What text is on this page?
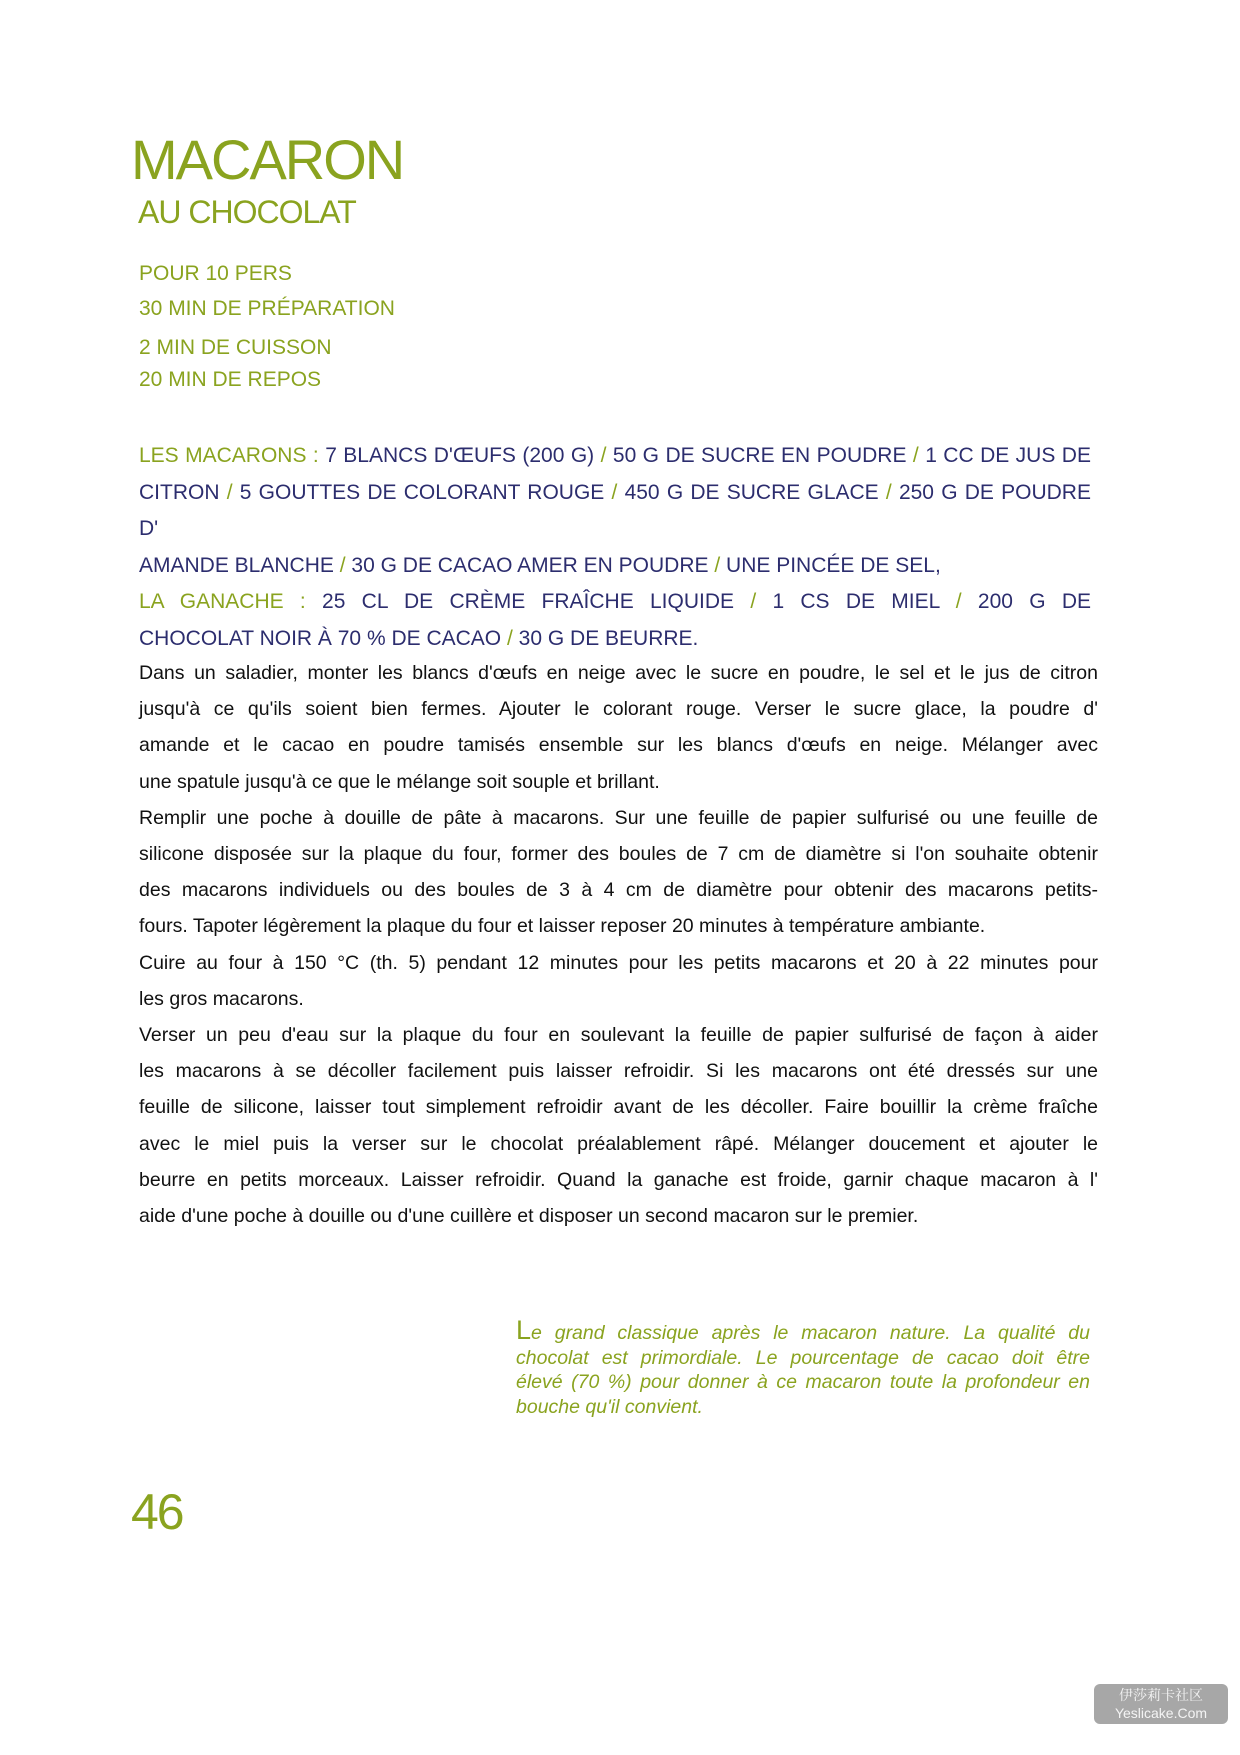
MACARON
AU CHOCOLAT
POUR 10 PERS
30 MIN DE PRÉPARATION
2 MIN DE CUISSON
20 MIN DE REPOS
LES MACARONS : 7 BLANCS D'ŒUFS (200 G) / 50 G DE SUCRE EN POUDRE / 1 CC DE JUS DE
CITRON / 5 GOUTTES DE COLORANT ROUGE / 450 G DE SUCRE GLACE / 250 G DE POUDRE D'
AMANDE BLANCHE / 30 G DE CACAO AMER EN POUDRE / UNE PINCÉE DE SEL,
LA GANACHE : 25 CL DE CRÈME FRAÎCHE LIQUIDE / 1 CS DE MIEL / 200 G DE
CHOCOLAT NOIR À 70 % DE CACAO / 30 G DE BEURRE.
Dans un saladier, monter les blancs d'œufs en neige avec le sucre en poudre, le sel et le jus de citron
jusqu'à ce qu'ils soient bien fermes. Ajouter le colorant rouge. Verser le sucre glace, la poudre d'
amande et le cacao en poudre tamisés ensemble sur les blancs d'œufs en neige. Mélanger avec
une spatule jusqu'à ce que le mélange soit souple et brillant.
Remplir une poche à douille de pâte à macarons. Sur une feuille de papier sulfurisé ou une feuille de
silicone disposée sur la plaque du four, former des boules de 7 cm de diamètre si l'on souhaite obtenir
des macarons individuels ou des boules de 3 à 4 cm de diamètre pour obtenir des macarons petits-
fours. Tapoter légèrement la plaque du four et laisser reposer 20 minutes à température ambiante.
Cuire au four à 150 °C (th. 5) pendant 12 minutes pour les petits macarons et 20 à 22 minutes pour
les gros macarons.
Verser un peu d'eau sur la plaque du four en soulevant la feuille de papier sulfurisé de façon à aider
les macarons à se décoller facilement puis laisser refroidir. Si les macarons ont été dressés sur une
feuille de silicone, laisser tout simplement refroidir avant de les décoller. Faire bouillir la crème fraîche
avec le miel puis la verser sur le chocolat préalablement râpé. Mélanger doucement et ajouter le
beurre en petits morceaux. Laisser refroidir. Quand la ganache est froide, garnir chaque macaron à l'
aide d'une poche à douille ou d'une cuillère et disposer un second macaron sur le premier.
Le grand classique après le macaron nature. La qualité du
chocolat est primordiale. Le pourcentage de cacao doit être
élevé (70 %) pour donner à ce macaron toute la profondeur en
bouche qu'il convient.
46
伊莎莉卡社区
Yeslicake.Com
